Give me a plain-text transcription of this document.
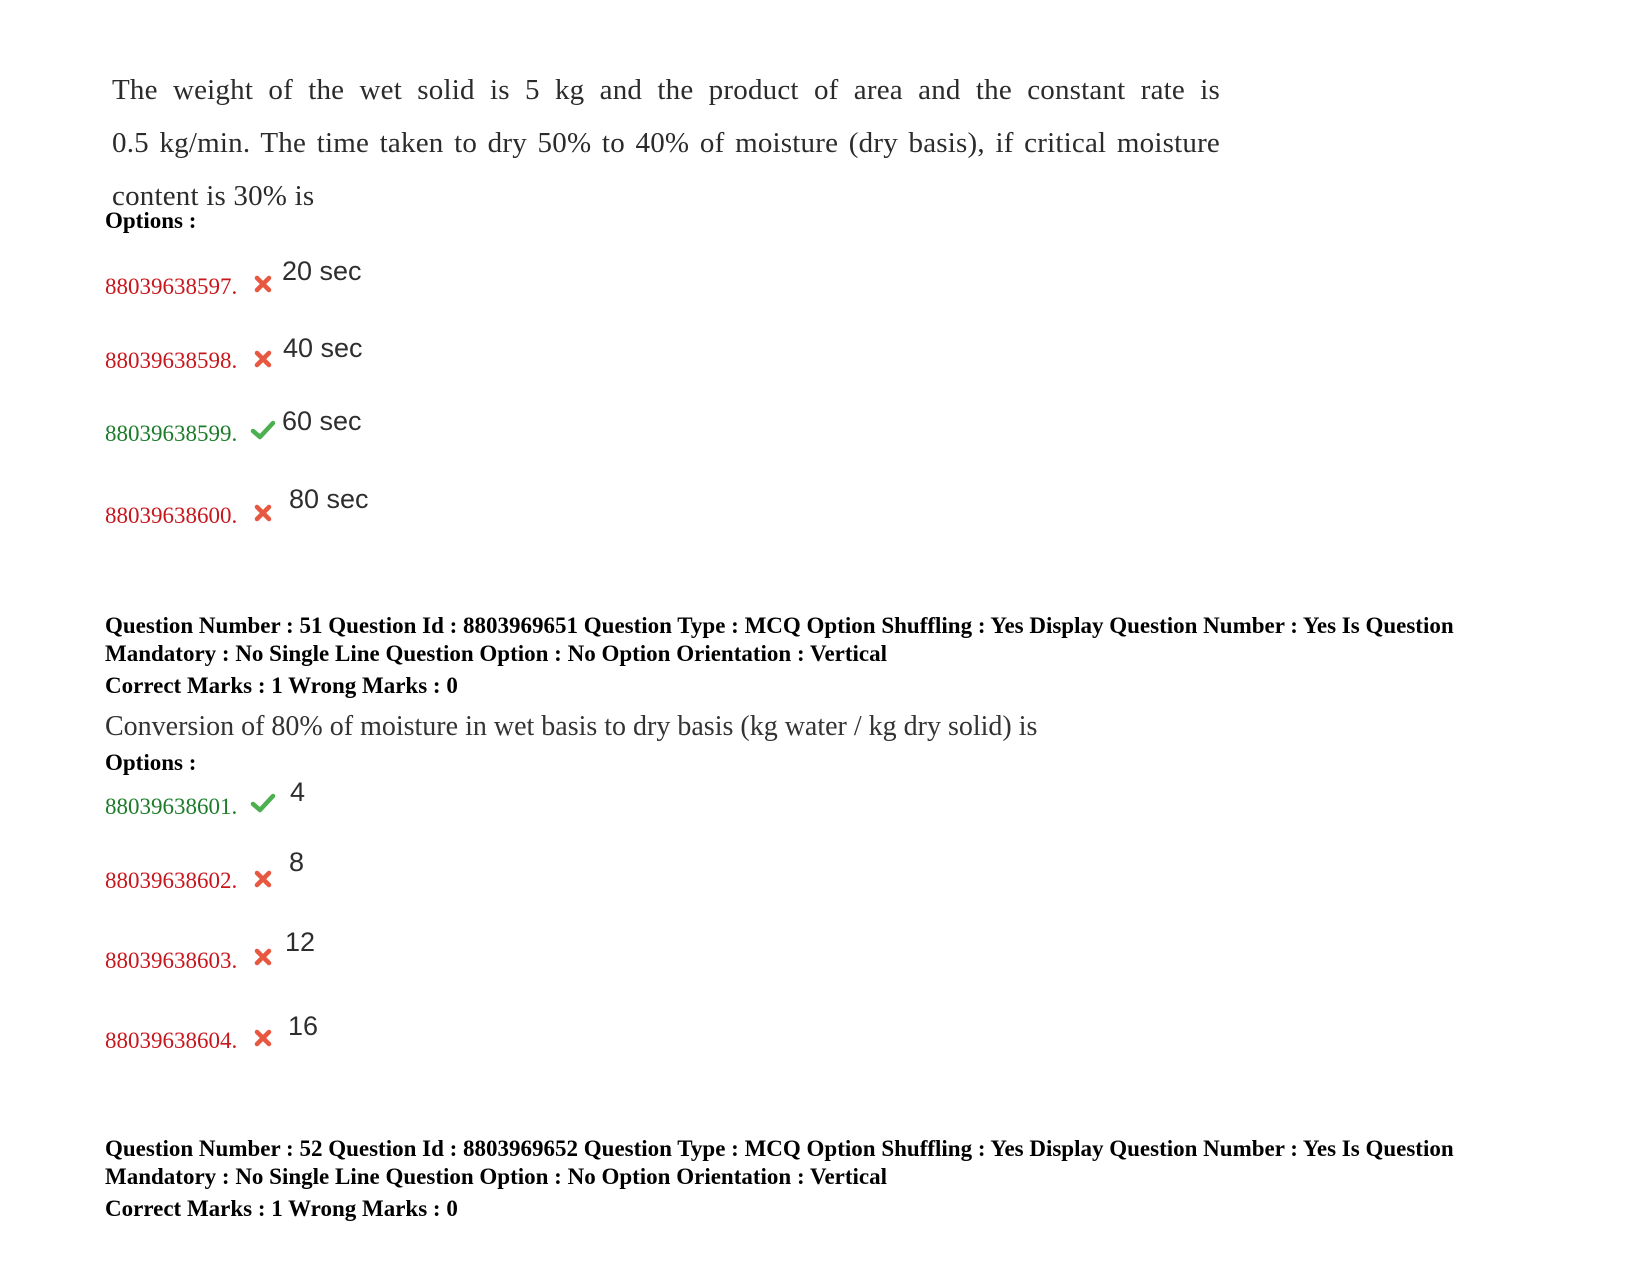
The weight of the wet solid is 5 kg and the product of area and the constant rate is
0.5 kg/min. The time taken to dry 50% to 40% of moisture (dry basis), if critical moisture
content is 30% is
Options :
88039638597.
20 sec
88039638598. 40 sec
88039638599. 60 sec
88039638600.
80 sec
Question Number : 51 Question Id : 8803969651 Question Type : MCQ Option Shuffling : Yes Display Question Number : Yes Is Question
Mandatory : No Single Line Question Option : No Option Orientation : Vertical
Correct Marks : 1 Wrong Marks : 0
Conversion of 80% of moisture in wet basis to dry basis (kg water / kg dry solid) is
Options :
88039638601. 4
88039638602.
8
88039638603.
12
88039638604. 16
Question Number : 52 Question Id : 8803969652 Question Type : MCQ Option Shuffling : Yes Display Question Number : Yes Is Question
Mandatory : No Single Line Question Option : No Option Orientation : Vertical
Correct Marks : 1 Wrong Marks : 0
